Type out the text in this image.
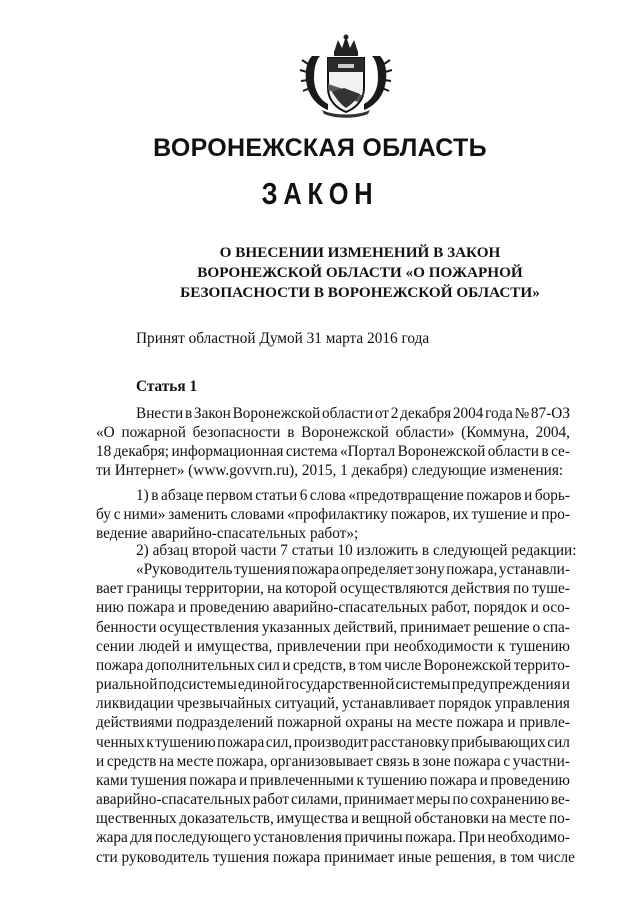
ВОРОНЕЖСКАЯ ОБЛАСТЬ
ЗАКОН
О ВНЕСЕНИИ ИЗМЕНЕНИЙ В ЗАКОН
ВОРОНЕЖСКОЙ ОБЛАСТИ «О ПОЖАРНОЙ
БЕЗОПАСНОСТИ В ВОРОНЕЖСКОЙ ОБЛАСТИ»
Принят областной Думой 31 марта 2016 года
Статья 1
Внести в Закон Воронежской области от 2 декабря 2004 года № 87-ОЗ
«О пожарной безопасности в Воронежской области» (Коммуна, 2004,
18 декабря; информационная система «Портал Воронежской области в се-
ти Интернет» (www.govvrn.ru), 2015, 1 декабря) следующие изменения:
1) в абзаце первом статьи 6 слова «предотвращение пожаров и борь-
бу с ними» заменить словами «профилактику пожаров, их тушение и про-
ведение аварийно-спасательных работ»;
2) абзац второй части 7 статьи 10 изложить в следующей редакции:
«Руководитель тушения пожара определяет зону пожара, устанавли-
вает границы территории, на которой осуществляются действия по туше-
нию пожара и проведению аварийно-спасательных работ, порядок и осо-
бенности осуществления указанных действий, принимает решение о спа-
сении людей и имущества, привлечении при необходимости к тушению
пожара дополнительных сил и средств, в том числе Воронежской террито-
риальной подсистемы единой государственной системы предупреждения и
ликвидации чрезвычайных ситуаций, устанавливает порядок управления
действиями подразделений пожарной охраны на месте пожара и привле-
ченных к тушению пожара сил, производит расстановку прибывающих сил
и средств на месте пожара, организовывает связь в зоне пожара с участни-
ками тушения пожара и привлеченными к тушению пожара и проведению
аварийно-спасательных работ силами, принимает меры по сохранению ве-
щественных доказательств, имущества и вещной обстановки на месте по-
жара для последующего установления причины пожара. При необходимо-
сти руководитель тушения пожара принимает иные решения, в том числе
